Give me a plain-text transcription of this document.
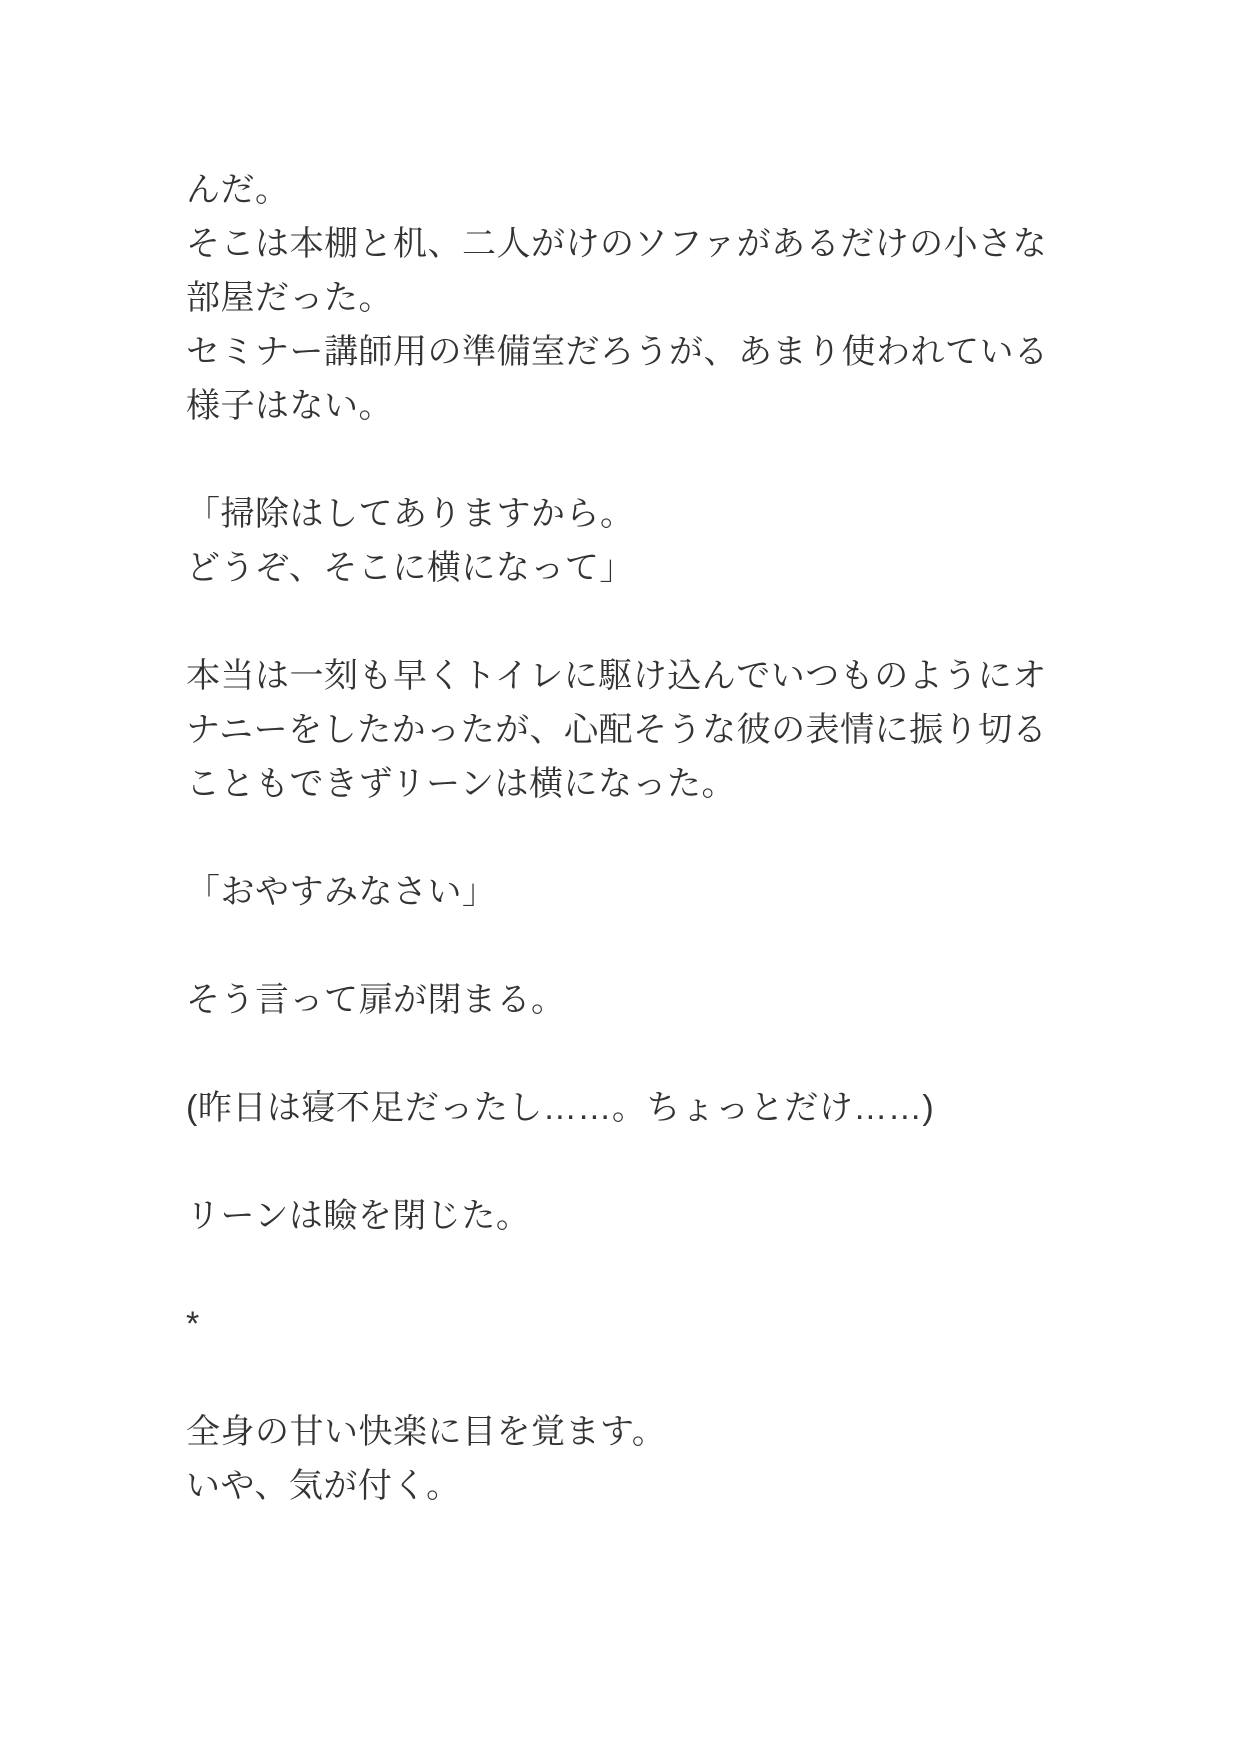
んだ。

そこは本棚と机、二人がけのソファがあるだけの小さな

部屋だった。

セミナー講師用の準備室だろうが、あまり使われている

様子はない。

「掃除はしてありますから。

どうぞ、そこに横になって」

本当は一刻も早くトイレに駆け込んでいつものようにオ

ナニーをしたかったが、心配そうな彼の表情に振り切る

こともできずリーンは横になった。

「おやすみなさい」

そう言って扉が閉まる。

(昨日は寝不足だったし……。ちょっとだけ……)

リーンは瞼を閉じた。

*

全身の甘い快楽に目を覚ます。

いや、気が付く。
